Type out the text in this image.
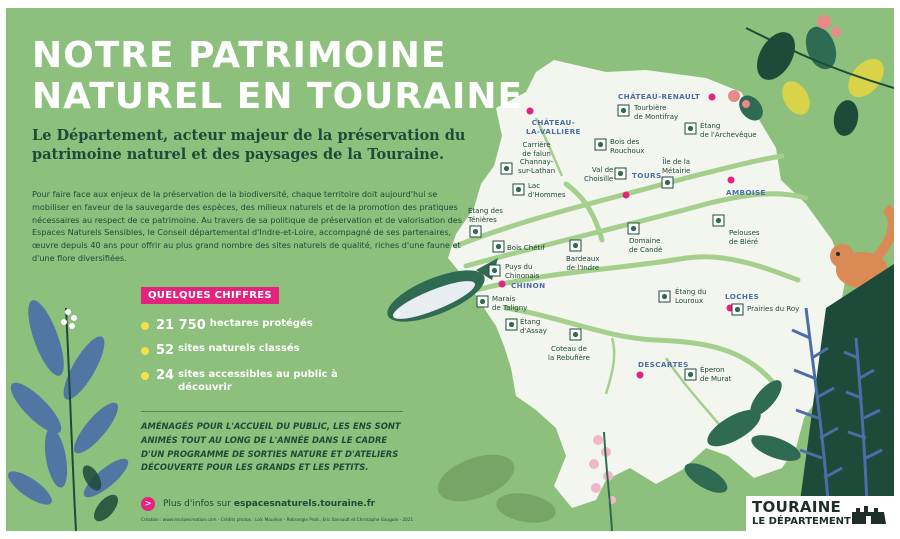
NOTRE PATRIMOINE
NATUREL EN TOURAINE

Le Département, acteur majeur de la préservation du patrimoine naturel et des paysages de la Touraine.

Pour faire face aux enjeux de la préservation de la biodiversité, chaque territoire doit aujourd'hui se mobiliser en faveur de la sauvegarde des espèces, des milieux naturels et de la promotion des pratiques nécessaires au respect de ce patrimoine. Au travers de sa politique de préservation et de valorisation des Espaces Naturels Sensibles, le Conseil départemental d'Indre-et-Loire, accompagné de ses partenaires, œuvre depuis 40 ans pour offrir au plus grand nombre des sites naturels de qualité, riches d'une faune et d'une flore diversifiées.

QUELQUES CHIFFRES
21 750 hectares protégés
52 sites naturels classés
24 sites accessibles au public à découvrir

AMÉNAGÉS POUR L'ACCUEIL DU PUBLIC, LES ENS SONT ANIMÉS TOUT AU LONG DE L'ANNÉE DANS LE CADRE D'UN PROGRAMME DE SORTIES NATURE ET D'ATELIERS DÉCOUVERTE POUR LES GRANDS ET LES PETITS.

>	Plus d'infos sur espacesnaturels.touraine.fr
Création : www.mickaecreation.com - Crédits photos : Loïc Mauléon - Rebrangle Prod., Eric Sansault et Christophe Gauguin - 2021
CHÂTEAU-
LA-VALLIÈRE
CHÂTEAU-RENAULT
TOURS
AMBOISE
CHINON
LOCHES
DESCARTES
Tourbière
de Montifray
Étang
de l'Archevêque
Bois des
Rouchoux
Carrière
de falun
Channay-
sur-Lathan
Lac
d'Hommes
Val de
Choisille
Île de la
Métairie
Étang des
Ténières
Pelouses
de Bléré
Domaine
de Candé
Bois Chétif
Bardeaux
de l'Indre
Puys du
Chinonais
Marais
de Taligny
Étang
d'Assay
Coteau de
la Rebufière
Étang du
Louroux
Prairies du Roy
Éperon
de Murat
TOURAINE
LE DÉPARTEMENT
